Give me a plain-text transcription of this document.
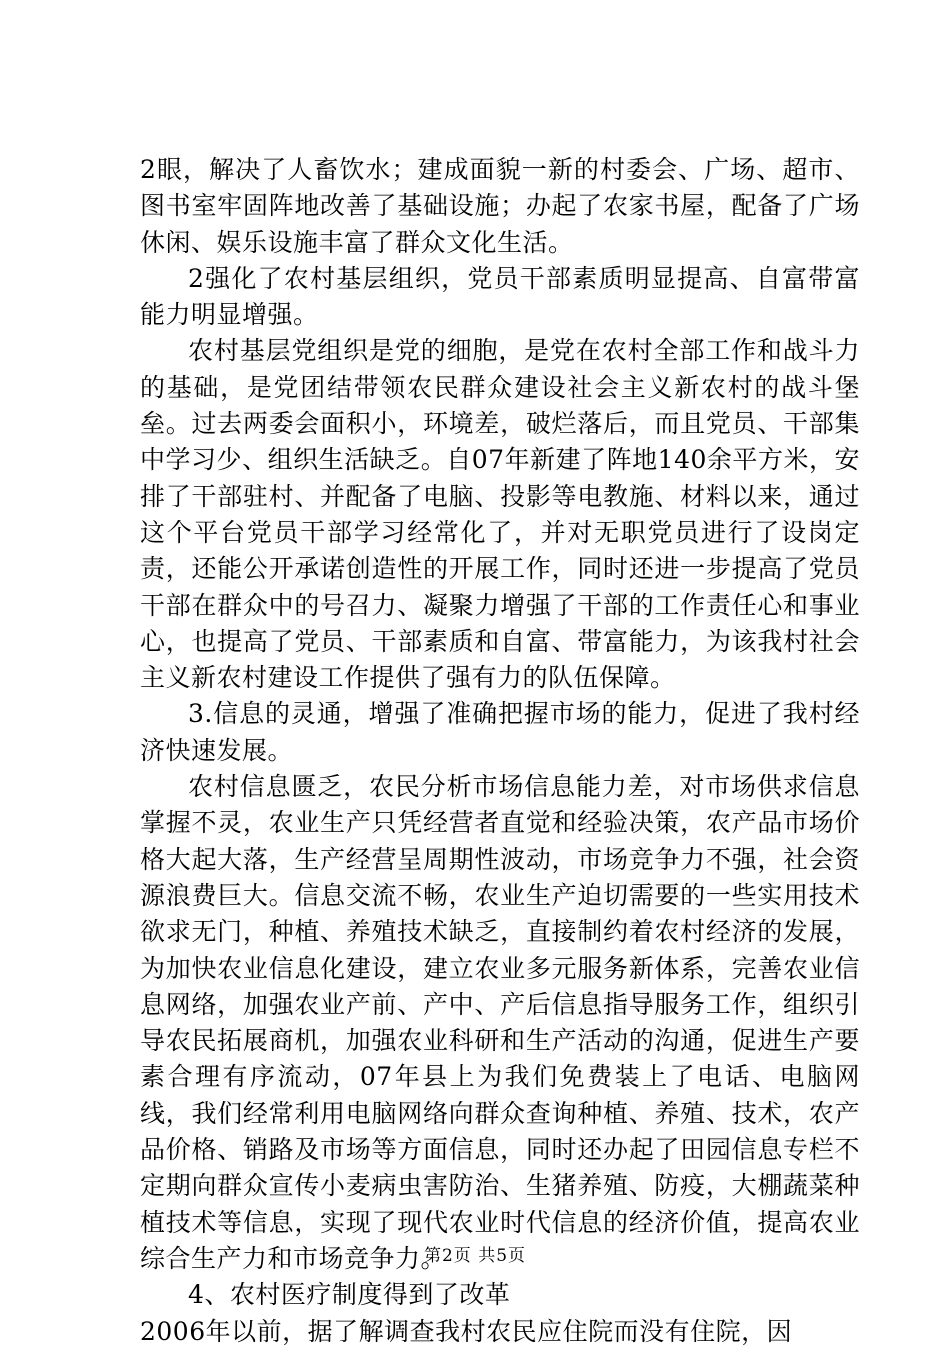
2眼，解决了人畜饮水；建成面貌一新的村委会、广场、超市、图书室牢固阵地改善了基础设施；办起了农家书屋，配备了广场休闲、娱乐设施丰富了群众文化生活。

2强化了农村基层组织，党员干部素质明显提高、自富带富能力明显增强。

农村基层党组织是党的细胞，是党在农村全部工作和战斗力的基础，是党团结带领农民群众建设社会主义新农村的战斗堡垒。过去两委会面积小，环境差，破烂落后，而且党员、干部集中学习少、组织生活缺乏。自07年新建了阵地140余平方米，安排了干部驻村、并配备了电脑、投影等电教施、材料以来，通过这个平台党员干部学习经常化了，并对无职党员进行了设岗定责，还能公开承诺创造性的开展工作，同时还进一步提高了党员干部在群众中的号召力、凝聚力增强了干部的工作责任心和事业心，也提高了党员、干部素质和自富、带富能力，为该我村社会主义新农村建设工作提供了强有力的队伍保障。

3.信息的灵通，增强了准确把握市场的能力，促进了我村经济快速发展。

农村信息匮乏，农民分析市场信息能力差，对市场供求信息掌握不灵，农业生产只凭经营者直觉和经验决策，农产品市场价格大起大落，生产经营呈周期性波动，市场竞争力不强，社会资源浪费巨大。信息交流不畅，农业生产迫切需要的一些实用技术欲求无门，种植、养殖技术缺乏，直接制约着农村经济的发展，为加快农业信息化建设，建立农业多元服务新体系，完善农业信息网络，加强农业产前、产中、产后信息指导服务工作，组织引导农民拓展商机，加强农业科研和生产活动的沟通，促进生产要素合理有序流动，07年县上为我们免费装上了电话、电脑网线，我们经常利用电脑网络向群众查询种植、养殖、技术，农产品价格、销路及市场等方面信息，同时还办起了田园信息专栏不定期向群众宣传小麦病虫害防治、生猪养殖、防疫，大棚蔬菜种植技术等信息，实现了现代农业时代信息的经济价值，提高农业综合生产力和市场竞争力。

4、农村医疗制度得到了改革

2006年以前，据了解调查我村农民应住院而没有住院，因

第2页 共5页
